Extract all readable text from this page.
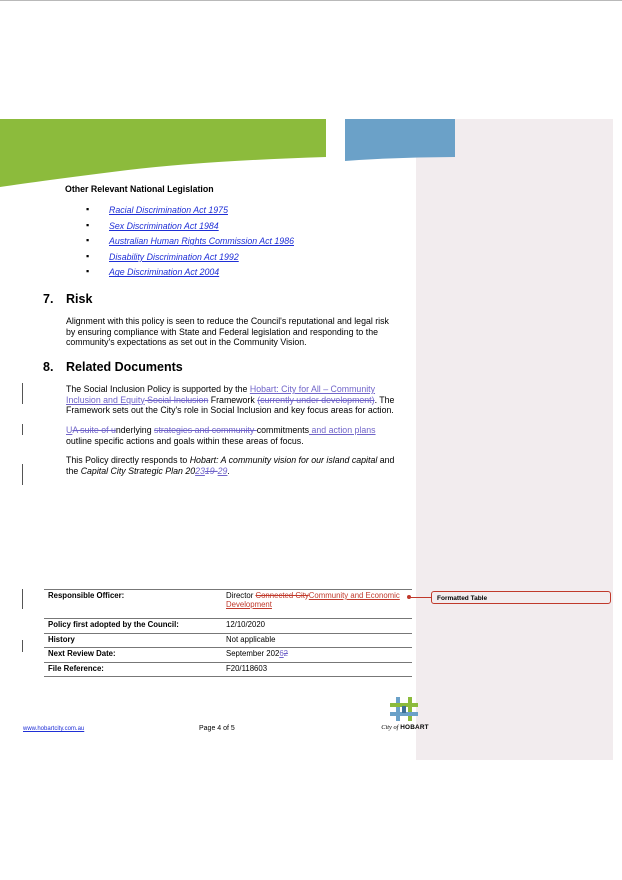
Other Relevant National Legislation
▪ Racial Discrimination Act 1975
▪ Sex Discrimination Act 1984
▪ Australian Human Rights Commission Act 1986
▪ Disability Discrimination Act 1992
▪ Age Discrimination Act 2004
7. Risk
Alignment with this policy is seen to reduce the Council's reputational and legal risk
by ensuring compliance with State and Federal legislation and responding to the
community's expectations as set out in the Community Vision.
8. Related Documents
The Social Inclusion Policy is supported by the Hobart: City for All – Community
Inclusion and Equity Social Inclusion Framework (currently under development). The
Framework sets out the City's role in Social Inclusion and key focus areas for action.
UA suite of underlying strategies and community commitments and action plans
outline specific actions and goals within these areas of focus.
This Policy directly responds to Hobart: A community vision for our island capital and
the Capital City Strategic Plan 202319-29.
Responsible Officer:	Director Connected CityCommunity and Economic
Development
Policy first adopted by the Council:	12/10/2020
History	Not applicable
Next Review Date:	September 20262
File Reference:	F20/118603
Formatted Table
City of HOBART
www.hobartcity.com.au	Page 4 of 5
